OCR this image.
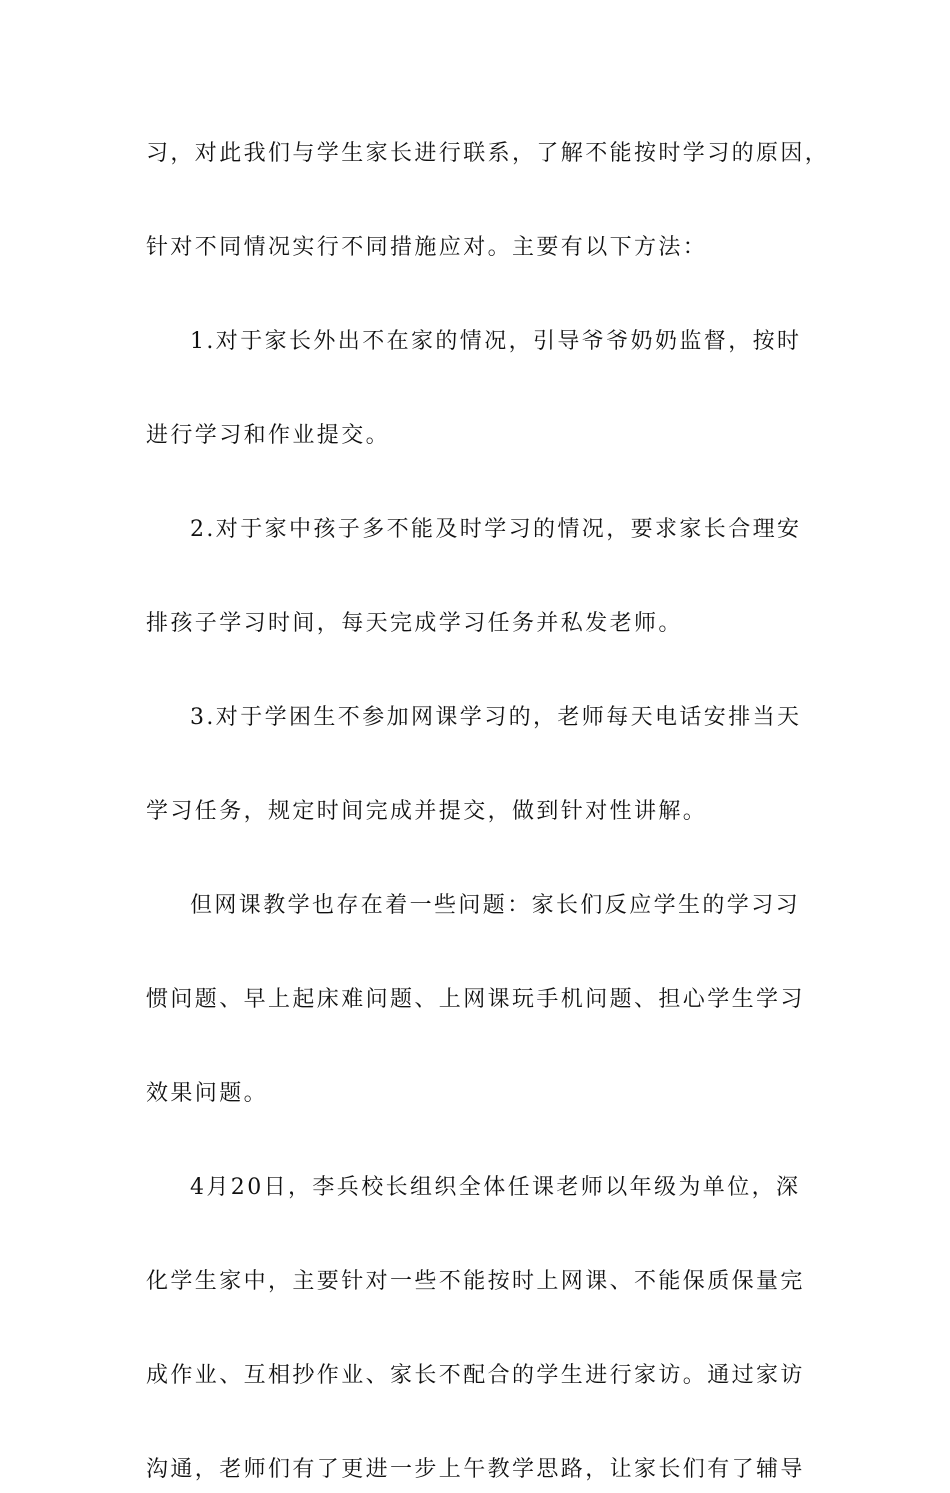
习，对此我们与学生家长进行联系，了解不能按时学习的原因，
针对不同情况实行不同措施应对。主要有以下方法：
1.对于家长外出不在家的情况，引导爷爷奶奶监督，按时
进行学习和作业提交。
2.对于家中孩子多不能及时学习的情况，要求家长合理安
排孩子学习时间，每天完成学习任务并私发老师。
3.对于学困生不参加网课学习的，老师每天电话安排当天
学习任务，规定时间完成并提交，做到针对性讲解。
但网课教学也存在着一些问题：家长们反应学生的学习习
惯问题、早上起床难问题、上网课玩手机问题、担心学生学习
效果问题。
4月20日，李兵校长组织全体任课老师以年级为单位，深
化学生家中，主要针对一些不能按时上网课、不能保质保量完
成作业、互相抄作业、家长不配合的学生进行家访。通过家访
沟通，老师们有了更进一步上午教学思路，让家长们有了辅导
